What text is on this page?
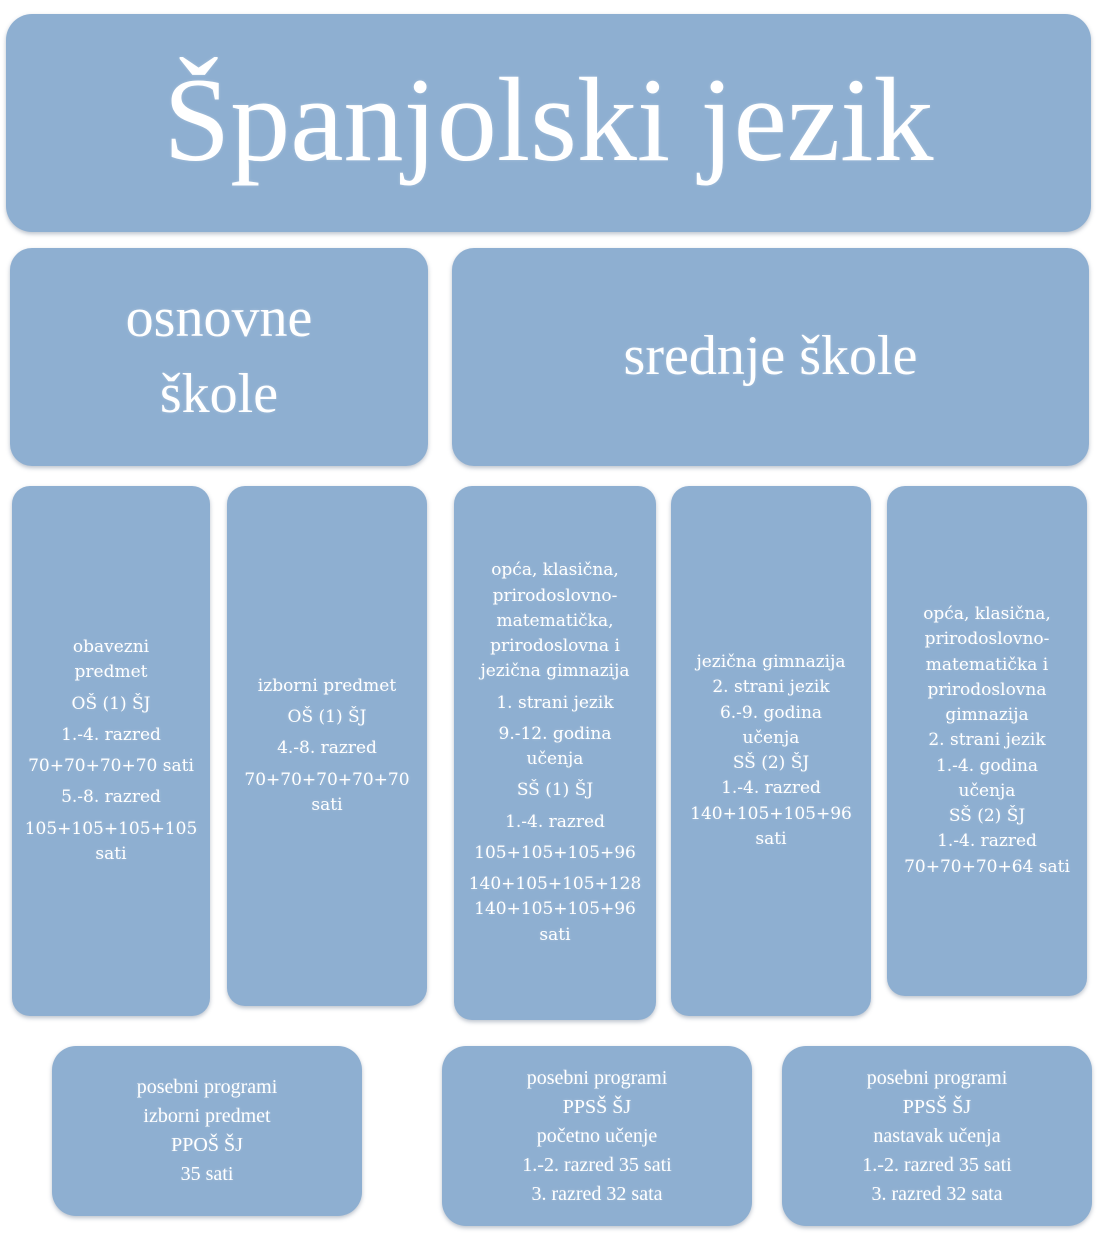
Španjolski jezik
osnovne
škole
srednje škole
obavezni
predmet
OŠ (1) ŠJ
1.-4. razred
70+70+70+70 sati
5.-8. razred
105+105+105+105
sati
izborni predmet
OŠ (1) ŠJ
4.-8. razred
70+70+70+70+70
sati
opća, klasična,
prirodoslovno-
matematička,
prirodoslovna i
jezična gimnazija
1. strani jezik
9.-12. godina
učenja
SŠ (1) ŠJ
1.-4. razred
105+105+105+96
140+105+105+128
140+105+105+96
sati
jezična gimnazija
2. strani jezik
6.-9. godina
učenja
SŠ (2) ŠJ
1.-4. razred
140+105+105+96
sati
opća, klasična,
prirodoslovno-
matematička i
prirodoslovna
gimnazija
2. strani jezik
1.-4. godina
učenja
SŠ (2) ŠJ
1.-4. razred
70+70+70+64 sati
posebni programi
izborni predmet
PPOŠ ŠJ
35 sati
posebni programi
PPSŠ ŠJ
početno učenje
1.-2. razred 35 sati
3. razred 32 sata
posebni programi
PPSŠ ŠJ
nastavak učenja
1.-2. razred 35 sati
3. razred 32 sata
